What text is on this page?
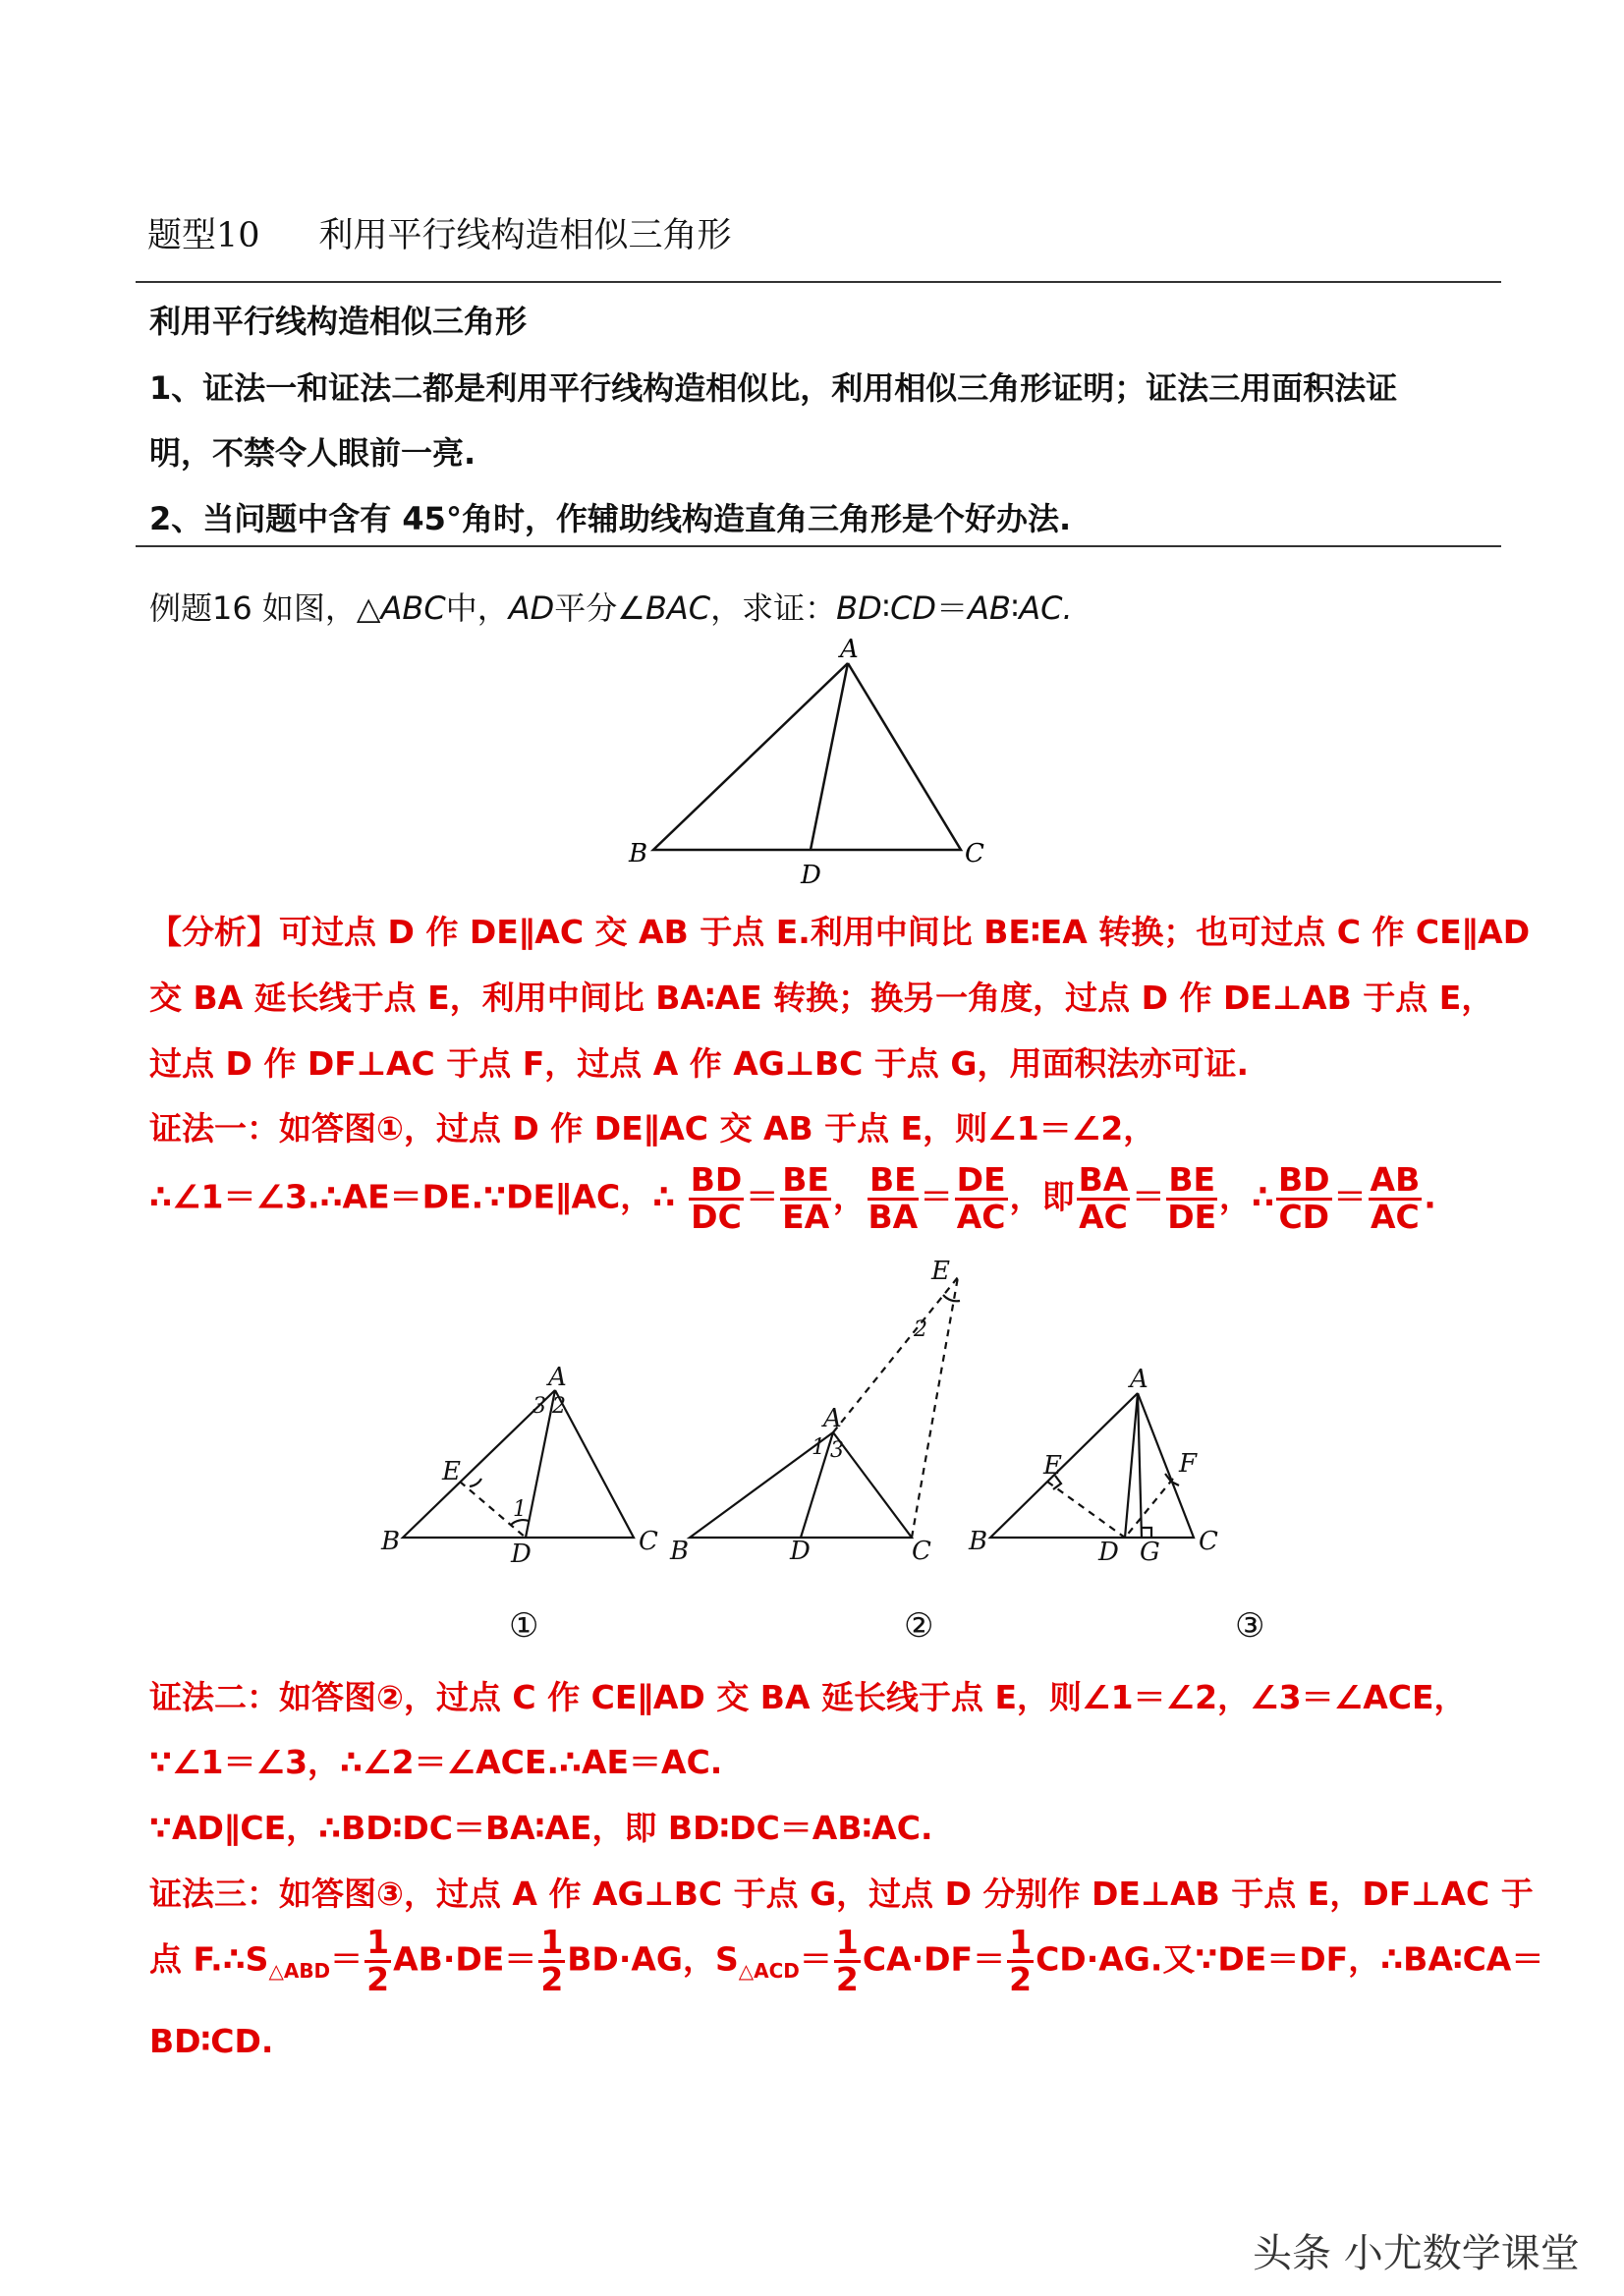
题型10 利用平行线构造相似三角形
利用平行线构造相似三角形
1、证法一和证法二都是利用平行线构造相似比，利用相似三角形证明；证法三用面积法证
明，不禁令人眼前一亮.
2、当问题中含有 45°角时，作辅助线构造直角三角形是个好办法.
例题16 如图，△ABC中，AD平分∠BAC，求证：BD∶CD＝AB∶AC.
A
B	C
D
【分析】可过点 D 作 DE∥AC 交 AB 于点 E.利用中间比 BE∶EA 转换；也可过点 C 作 CE∥AD
交 BA 延长线于点 E，利用中间比 BA∶AE 转换；换另一角度，过点 D 作 DE⊥AB 于点 E，
过点 D 作 DF⊥AC 于点 F，过点 A 作 AG⊥BC 于点 G，用面积法亦可证.
证法一：如答图①，过点 D 作 DE∥AC 交 AB 于点 E，则∠1＝∠2，
∴∠1＝∠3.∴AE＝DE.∵DE∥AC，∴ $\frac{BD}{DC} = \frac{BE}{EA}$ ， $\frac{BE}{BA} = \frac{DE}{AC}$ ，即 $\frac{BA}{AC} = \frac{BE}{DE}$ ，∴ $\frac{BD}{CD} = \frac{AB}{AC}$ .
A
B	C
D
E
1
2
3	A
B	C
D
E
1 3
2
A
B	C
D G
E	F
①	②	③
证法二：如答图②，过点 C 作 CE∥AD 交 BA 延长线于点 E，则∠1＝∠2，∠3＝∠ACE，
∵∠1＝∠3，∴∠2＝∠ACE.∴AE＝AC.
∵AD∥CE，∴BD∶DC＝BA∶AE，即 BD∶DC＝AB∶AC.
证法三：如答图③，过点 A 作 AG⊥BC 于点 G，过点 D 分别作 DE⊥AB 于点 E，DF⊥AC 于
点 $F.\therefore S_{\triangle ABD}= \frac{1}{2} AB\cdot DE= \frac{1}{2} BD\cdot AG$，$S_{\triangle ACD}= \frac{1}{2} CA\cdot DF= \frac{1}{2} CD\cdot AG$.又∵DE＝DF，∴BA∶CA＝
BD∶CD.
头条 小尤数学课堂
